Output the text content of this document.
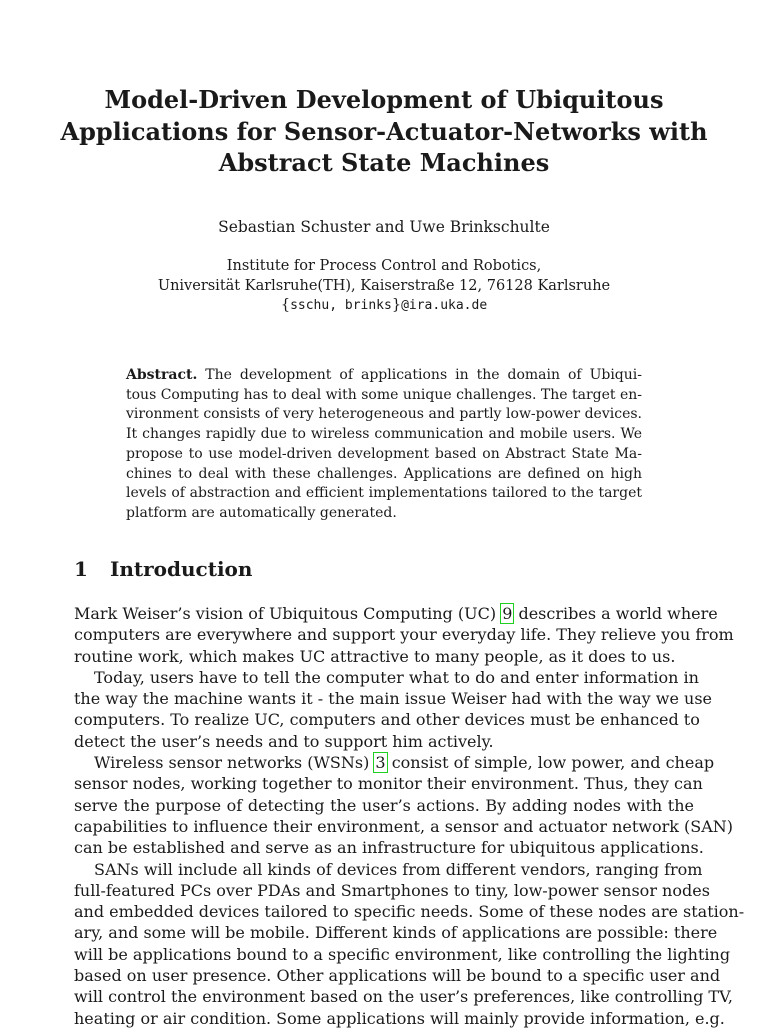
Model-Driven Development of Ubiquitous
Applications for Sensor-Actuator-Networks with
Abstract State Machines
Sebastian Schuster and Uwe Brinkschulte
Institute for Process Control and Robotics,
Universität Karlsruhe(TH), Kaiserstraße 12, 76128 Karlsruhe
{sschu, brinks}@ira.uka.de
Abstract. The development of applications in the domain of Ubiqui-
tous Computing has to deal with some unique challenges. The target en-
vironment consists of very heterogeneous and partly low-power devices.
It changes rapidly due to wireless communication and mobile users. We
propose to use model-driven development based on Abstract State Ma-
chines to deal with these challenges. Applications are defined on high
levels of abstraction and efficient implementations tailored to the target
platform are automatically generated.
1 Introduction
Mark Weiser’s vision of Ubiquitous Computing (UC) 9 describes a world where
computers are everywhere and support your everyday life. They relieve you from
routine work, which makes UC attractive to many people, as it does to us.
Today, users have to tell the computer what to do and enter information in
the way the machine wants it - the main issue Weiser had with the way we use
computers. To realize UC, computers and other devices must be enhanced to
detect the user’s needs and to support him actively.
Wireless sensor networks (WSNs) 3 consist of simple, low power, and cheap
sensor nodes, working together to monitor their environment. Thus, they can
serve the purpose of detecting the user’s actions. By adding nodes with the
capabilities to influence their environment, a sensor and actuator network (SAN)
can be established and serve as an infrastructure for ubiquitous applications.
SANs will include all kinds of devices from different vendors, ranging from
full-featured PCs over PDAs and Smartphones to tiny, low-power sensor nodes
and embedded devices tailored to specific needs. Some of these nodes are station-
ary, and some will be mobile. Different kinds of applications are possible: there
will be applications bound to a specific environment, like controlling the lighting
based on user presence. Other applications will be bound to a specific user and
will control the environment based on the user’s preferences, like controlling TV,
heating or air condition. Some applications will mainly provide information, e.g.
